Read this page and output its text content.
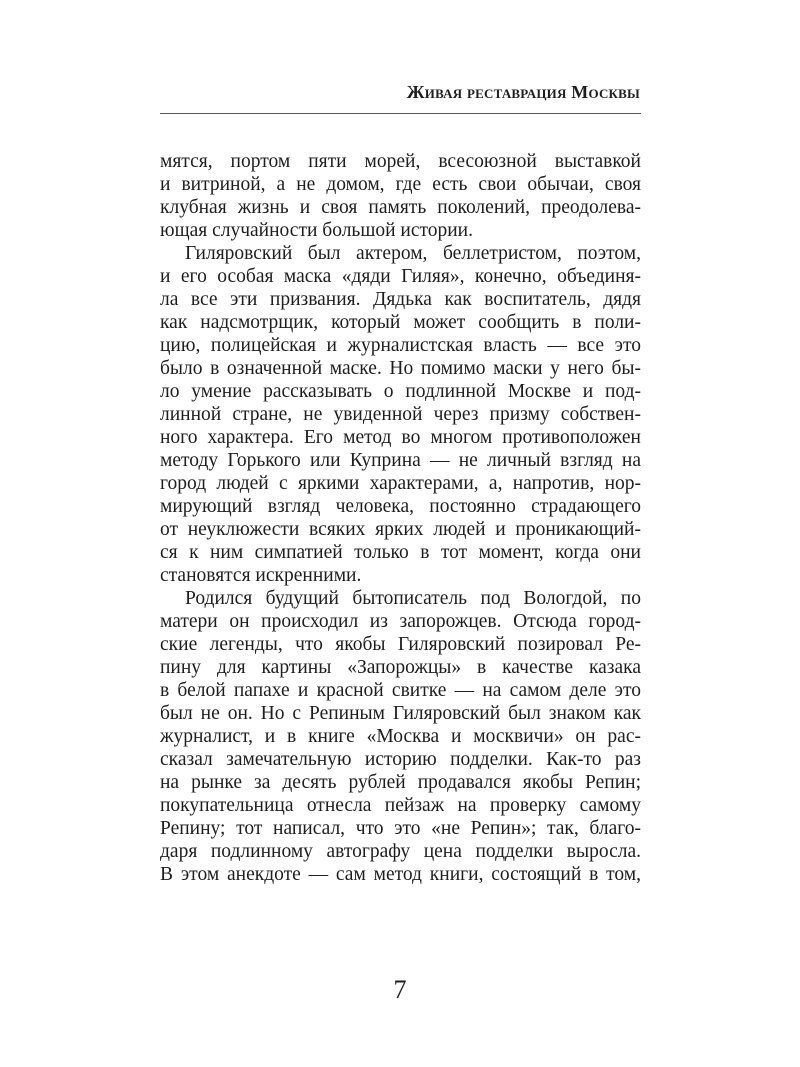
Живая реставрация Москвы
мятся, портом пяти морей, всесоюзной выставкой
и витриной, а не домом, где есть свои обычаи, своя
клубная жизнь и своя память поколений, преодолева-
ющая случайности большой истории.
Гиляровский был актером, беллетристом, поэтом,
и его особая маска «дяди Гиляя», конечно, объединя-
ла все эти призвания. Дядька как воспитатель, дядя
как надсмотрщик, который может сообщить в поли-
цию, полицейская и журналистская власть — все это
было в означенной маске. Но помимо маски у него бы-
ло умение рассказывать о подлинной Москве и под-
линной стране, не увиденной через призму собствен-
ного характера. Его метод во многом противоположен
методу Горького или Куприна — не личный взгляд на
город людей с яркими характерами, а, напротив, нор-
мирующий взгляд человека, постоянно страдающего
от неуклюжести всяких ярких людей и проникающий-
ся к ним симпатией только в тот момент, когда они
становятся искренними.
Родился будущий бытописатель под Вологдой, по
матери он происходил из запорожцев. Отсюда город-
ские легенды, что якобы Гиляровский позировал Ре-
пину для картины «Запорожцы» в качестве казака
в белой папахе и красной свитке — на самом деле это
был не он. Но с Репиным Гиляровский был знаком как
журналист, и в книге «Москва и москвичи» он рас-
сказал замечательную историю подделки. Как-то раз
на рынке за десять рублей продавался якобы Репин;
покупательница отнесла пейзаж на проверку самому
Репину; тот написал, что это «не Репин»; так, благо-
даря подлинному автографу цена подделки выросла.
В этом анекдоте — сам метод книги, состоящий в том,
7
